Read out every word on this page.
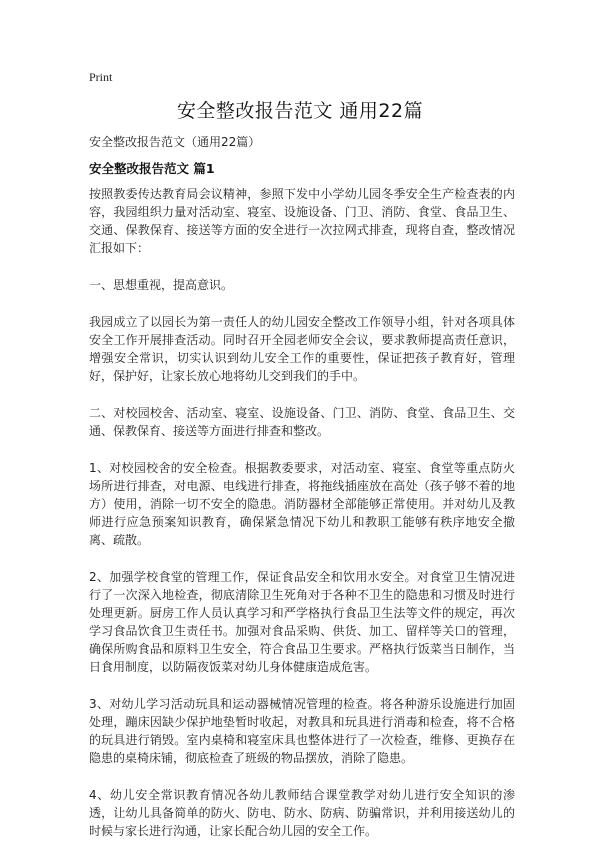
Print
安全整改报告范文 通用22篇
安全整改报告范文（通用22篇）
安全整改报告范文 篇1

按照教委传达教育局会议精神，参照下发中小学幼儿园冬季安全生产检查表的内容，我园组织力量对活动室、寝室、设施设备、门卫、消防、食堂、食品卫生、交通、保教保育、接送等方面的安全进行一次拉网式排查，现将自查，整改情况汇报如下：

一、思想重视，提高意识。

我园成立了以园长为第一责任人的幼儿园安全整改工作领导小组，针对各项具体安全工作开展排查活动。同时召开全园老师安全会议，要求教师提高责任意识，增强安全常识，切实认识到幼儿安全工作的重要性，保证把孩子教育好，管理好，保护好，让家长放心地将幼儿交到我们的手中。

二、对校园校舍、活动室、寝室、设施设备、门卫、消防、食堂、食品卫生、交通、保教保育、接送等方面进行排查和整改。

1、对校园校舍的安全检查。根据教委要求，对活动室、寝室、食堂等重点防火场所进行排查，对电源、电线进行排查，将拖线插座放在高处（孩子够不着的地方）使用，消除一切不安全的隐患。消防器材全部能够正常使用。并对幼儿及教师进行应急预案知识教育，确保紧急情况下幼儿和教职工能够有秩序地安全撤离、疏散。

2、加强学校食堂的管理工作，保证食品安全和饮用水安全。对食堂卫生情况进行了一次深入地检查，彻底清除卫生死角对于各种不卫生的隐患和习惯及时进行处理更新。厨房工作人员认真学习和严学格执行食品卫生法等文件的规定，再次学习食品饮食卫生责任书。加强对食品采购、供货、加工、留样等关口的管理，确保所购食品和原料卫生安全，符合食品卫生要求。严格执行饭菜当日制作，当日食用制度，以防隔夜饭菜对幼儿身体健康造成危害。

3、对幼儿学习活动玩具和运动器械情况管理的检查。将各种游乐设施进行加固处理，蹦床因缺少保护地垫暂时收起，对教具和玩具进行消毒和检查，将不合格的玩具进行销毁。室内桌椅和寝室床具也整体进行了一次检查，维修、更换存在隐患的桌椅床铺，彻底检查了班级的物品摆放，消除了隐患。

4、幼儿安全常识教育情况各幼儿教师结合课堂教学对幼儿进行安全知识的渗透，让幼儿具备简单的防火、防电、防水、防病、防骗常识，并利用接送幼儿的时候与家长进行沟通，让家长配合幼儿园的安全工作。
